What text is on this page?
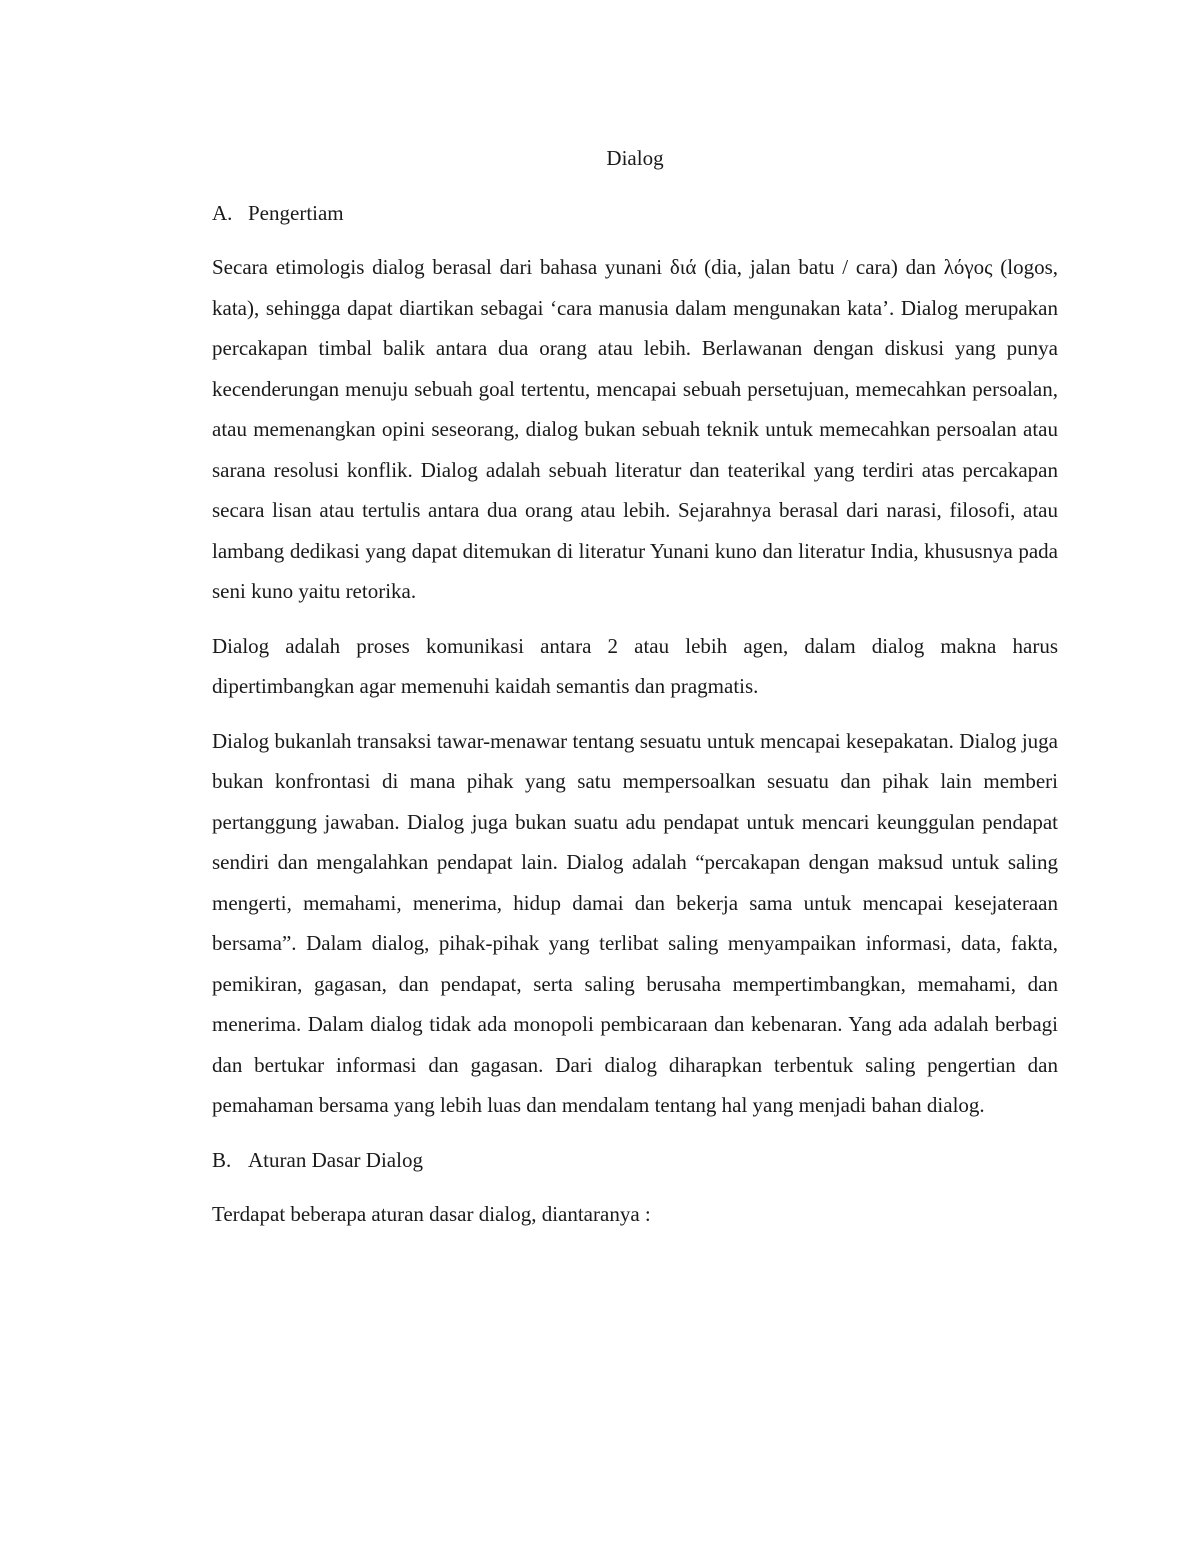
Dialog
A. Pengertiam

Secara etimologis dialog berasal dari bahasa yunani διά (dia, jalan batu / cara) dan λόγος (logos, kata), sehingga dapat diartikan sebagai ‘cara manusia dalam mengunakan kata’. Dialog merupakan percakapan timbal balik antara dua orang atau lebih. Berlawanan dengan diskusi yang punya kecenderungan menuju sebuah goal tertentu, mencapai sebuah persetujuan, memecahkan persoalan, atau memenangkan opini seseorang, dialog bukan sebuah teknik untuk memecahkan persoalan atau sarana resolusi konflik. Dialog adalah sebuah literatur dan teaterikal yang terdiri atas percakapan secara lisan atau tertulis antara dua orang atau lebih. Sejarahnya berasal dari narasi, filosofi, atau lambang dedikasi yang dapat ditemukan di literatur Yunani kuno dan literatur India, khususnya pada seni kuno yaitu retorika.

Dialog adalah proses komunikasi antara 2 atau lebih agen, dalam dialog makna harus dipertimbangkan agar memenuhi kaidah semantis dan pragmatis.

Dialog bukanlah transaksi tawar-menawar tentang sesuatu untuk mencapai kesepakatan. Dialog juga bukan konfrontasi di mana pihak yang satu mempersoalkan sesuatu dan pihak lain memberi pertanggung jawaban. Dialog juga bukan suatu adu pendapat untuk mencari keunggulan pendapat sendiri dan mengalahkan pendapat lain. Dialog adalah “percakapan dengan maksud untuk saling mengerti, memahami, menerima, hidup damai dan bekerja sama untuk mencapai kesejateraan bersama”. Dalam dialog, pihak-pihak yang terlibat saling menyampaikan informasi, data, fakta, pemikiran, gagasan, dan pendapat, serta saling berusaha mempertimbangkan, memahami, dan menerima. Dalam dialog tidak ada monopoli pembicaraan dan kebenaran. Yang ada adalah berbagi dan bertukar informasi dan gagasan. Dari dialog diharapkan terbentuk saling pengertian dan pemahaman bersama yang lebih luas dan mendalam tentang hal yang menjadi bahan dialog.

B. Aturan Dasar Dialog

Terdapat beberapa aturan dasar dialog, diantaranya :
